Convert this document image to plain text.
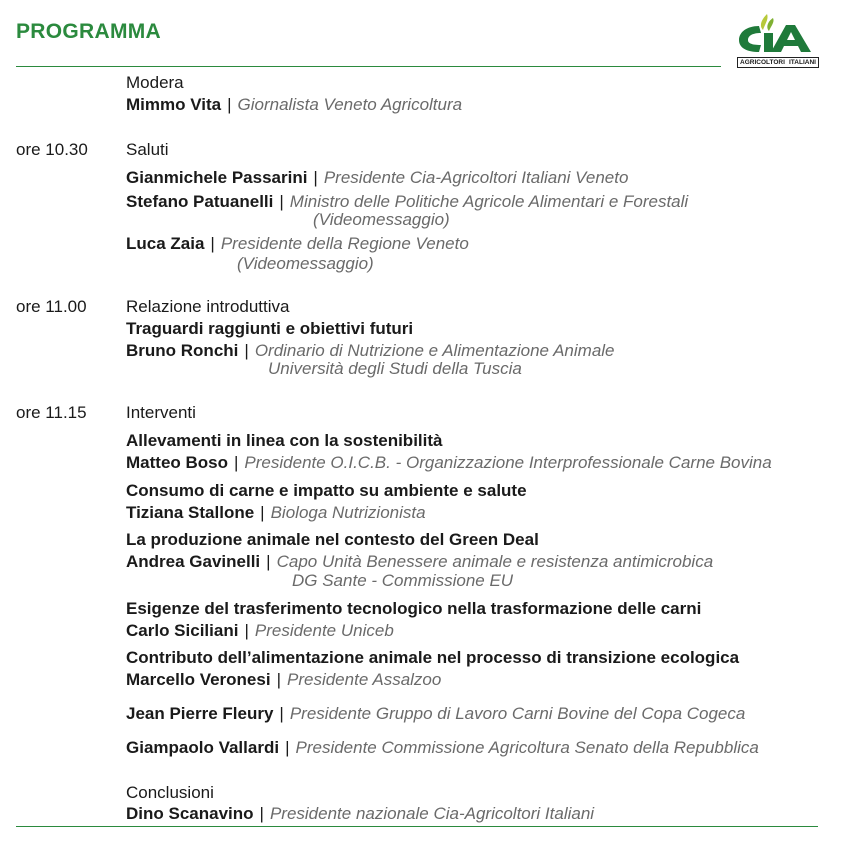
PROGRAMMA
AGRICOLTORI ITALIANI
Modera
Mimmo Vita | Giornalista Veneto Agricoltura
ore 10.30 Saluti
Gianmichele Passarini | Presidente Cia-Agricoltori Italiani Veneto
Stefano Patuanelli | Ministro delle Politiche Agricole Alimentari e Forestali
(Videomessaggio)
Luca Zaia | Presidente della Regione Veneto
(Videomessaggio)
ore 11.00 Relazione introduttiva
Traguardi raggiunti e obiettivi futuri
Bruno Ronchi | Ordinario di Nutrizione e Alimentazione Animale
Università degli Studi della Tuscia
ore 11.15 Interventi
Allevamenti in linea con la sostenibilità
Matteo Boso | Presidente O.I.C.B. - Organizzazione Interprofessionale Carne Bovina
Consumo di carne e impatto su ambiente e salute
Tiziana Stallone | Biologa Nutrizionista
La produzione animale nel contesto del Green Deal
Andrea Gavinelli | Capo Unità Benessere animale e resistenza antimicrobica
DG Sante - Commissione EU
Esigenze del trasferimento tecnologico nella trasformazione delle carni
Carlo Siciliani | Presidente Uniceb
Contributo dell’alimentazione animale nel processo di transizione ecologica
Marcello Veronesi | Presidente Assalzoo
Jean Pierre Fleury | Presidente Gruppo di Lavoro Carni Bovine del Copa Cogeca
Giampaolo Vallardi | Presidente Commissione Agricoltura Senato della Repubblica
Conclusioni
Dino Scanavino | Presidente nazionale Cia-Agricoltori Italiani
